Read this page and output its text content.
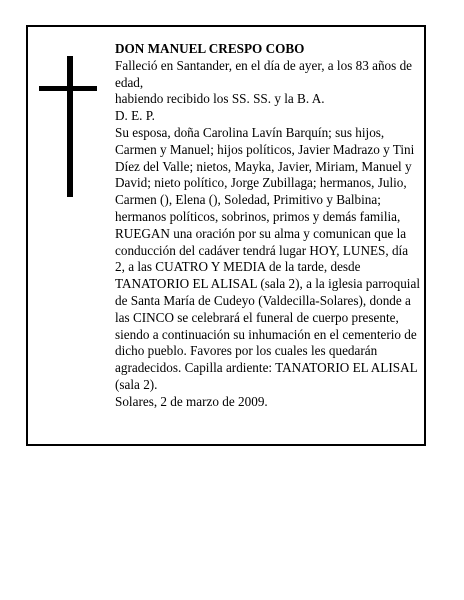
DON MANUEL CRESPO COBO

Falleció en Santander, en el día de ayer, a los 83 años de edad,

habiendo recibido los SS. SS. y la B. A.

D. E. P.

Su esposa, doña Carolina Lavín Barquín; sus hijos, Carmen y Manuel; hijos políticos, Javier Madrazo y Tini Díez del Valle; nietos, Mayka, Javier, Miriam, Manuel y David; nieto político, Jorge Zubillaga; hermanos, Julio, Carmen (), Elena (), Soledad, Primitivo y Balbina; hermanos políticos, sobrinos, primos y demás familia,

RUEGAN una oración por su alma y comunican que la conducción del cadáver tendrá lugar HOY, LUNES, día 2, a las CUATRO Y MEDIA de la tarde, desde TANATORIO EL ALISAL (sala 2), a la iglesia parroquial de Santa María de Cudeyo (Valdecilla-Solares), donde a las CINCO se celebrará el funeral de cuerpo presente, siendo a continuación su inhumación en el cementerio de dicho pueblo. Favores por los cuales les quedarán agradecidos. Capilla ardiente: TANATORIO EL ALISAL (sala 2).

Solares, 2 de marzo de 2009.
